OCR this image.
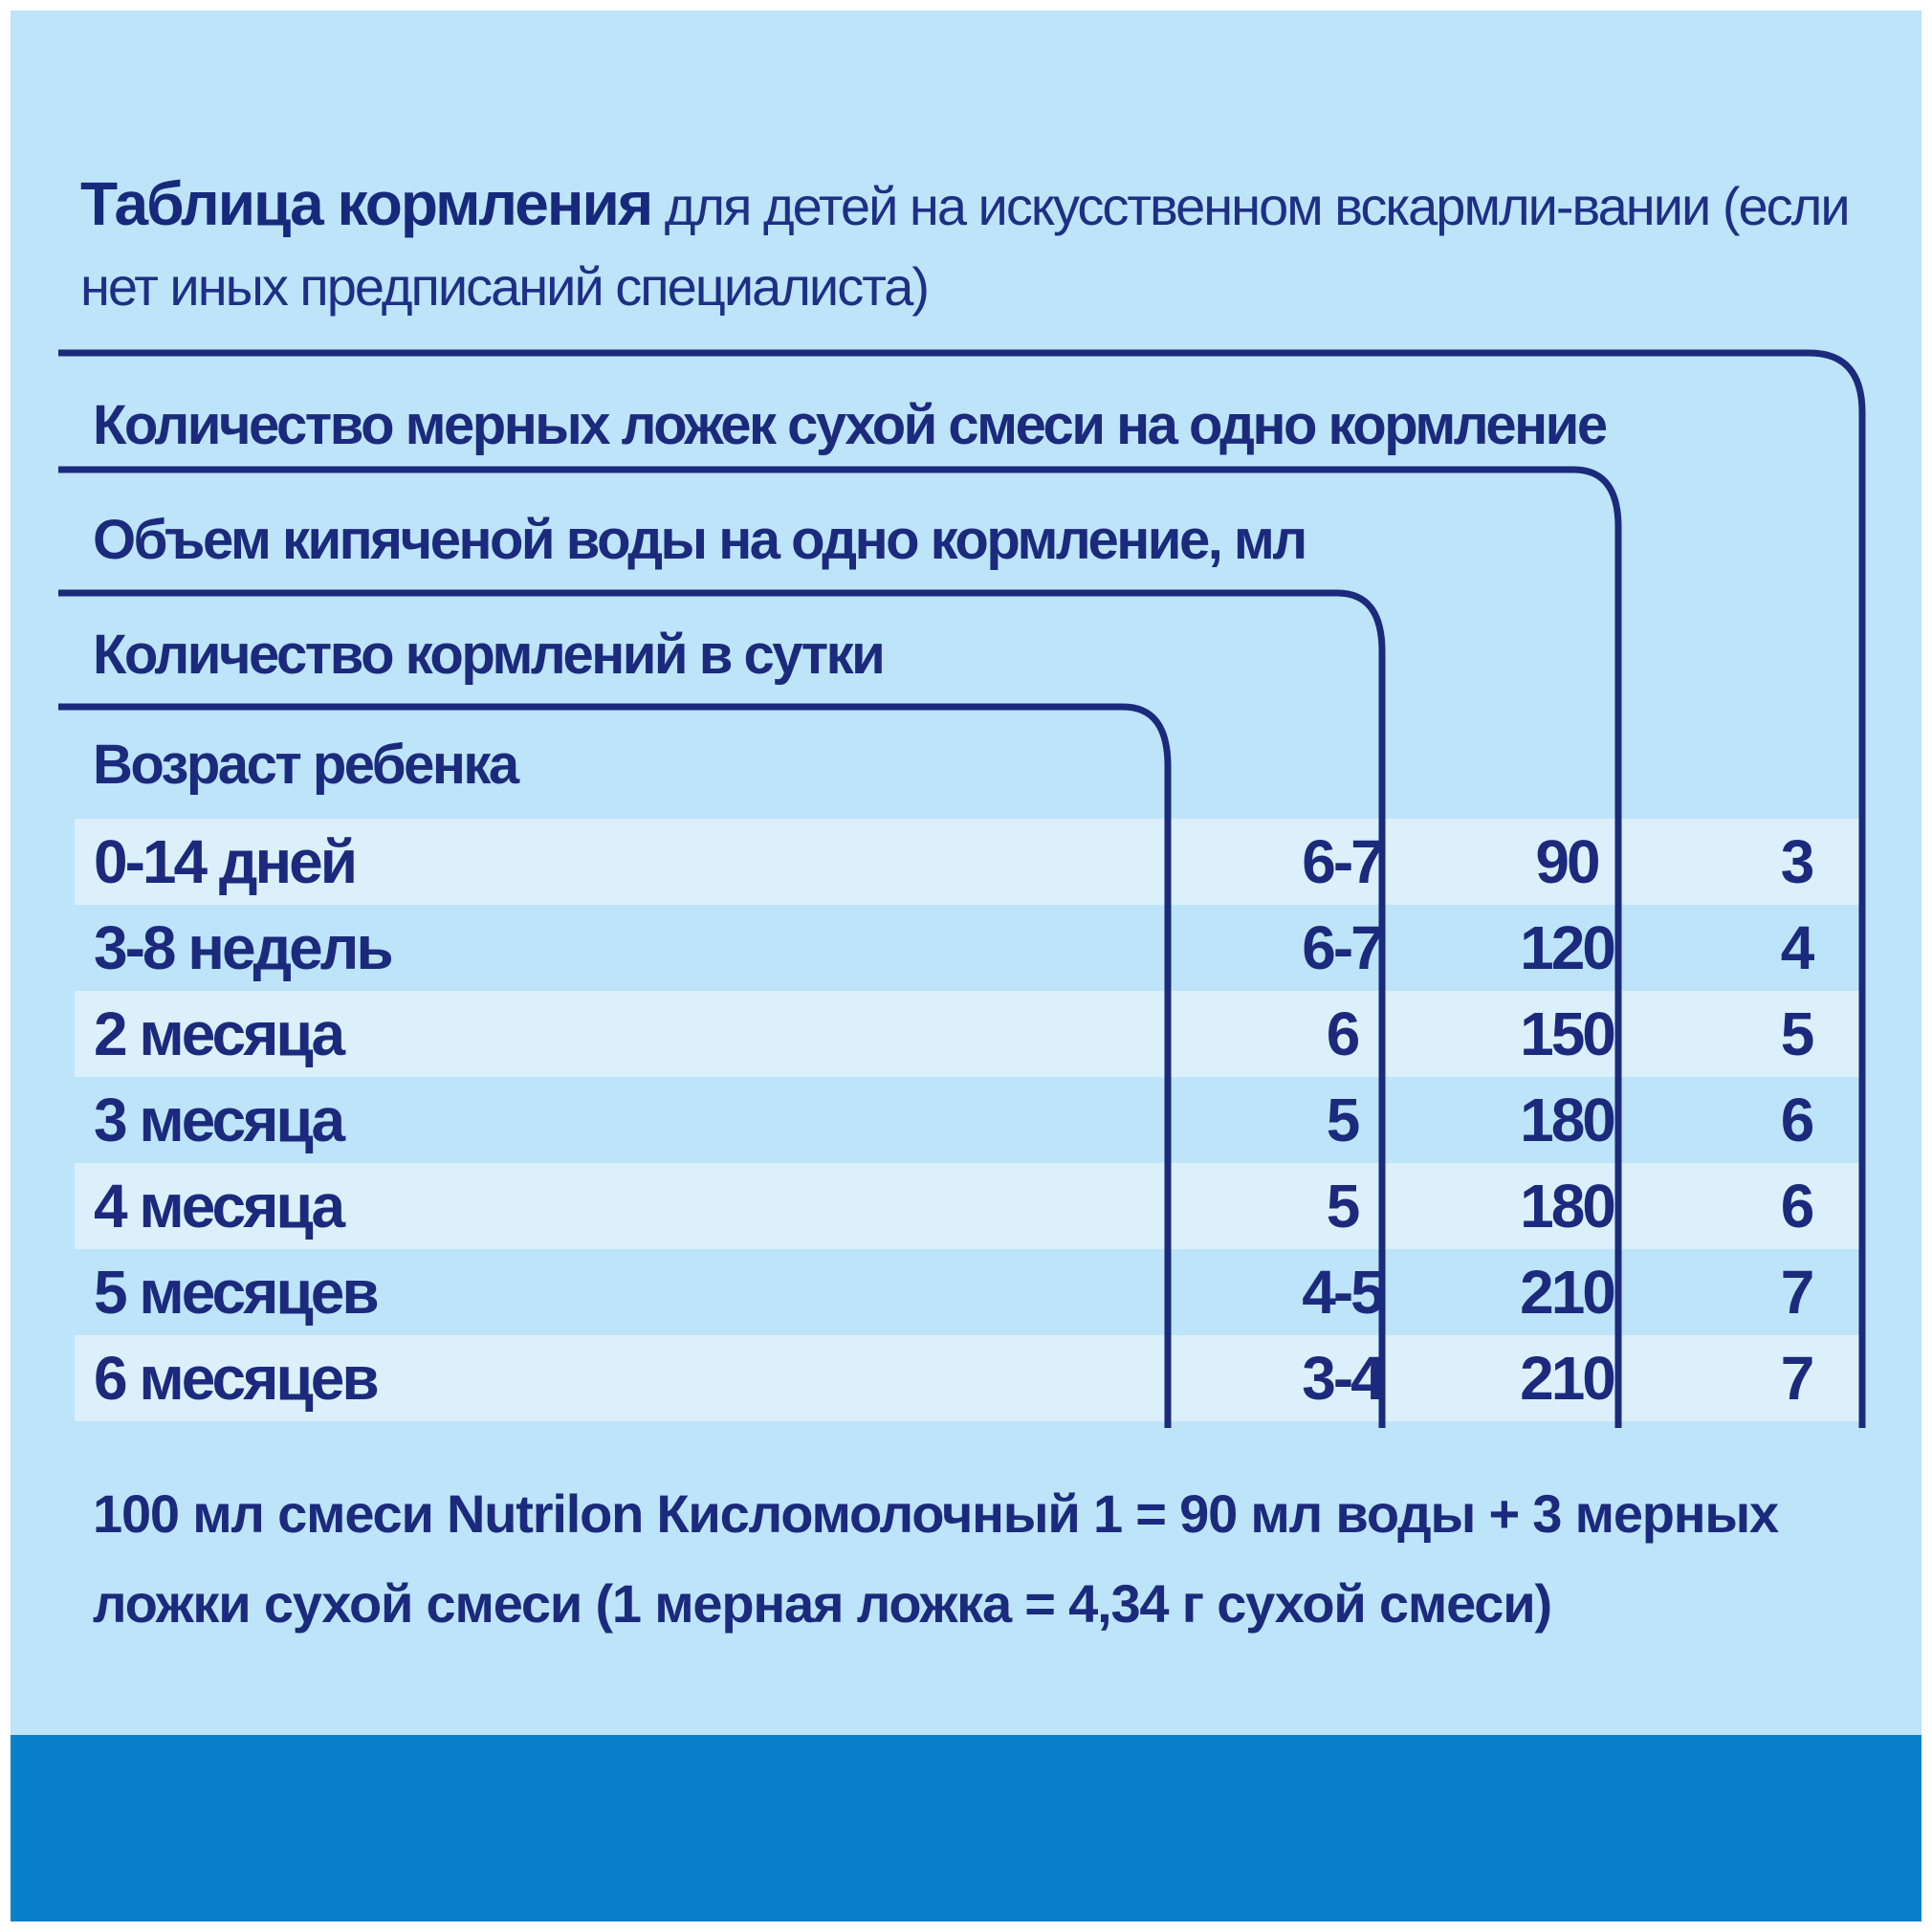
Таблица кормления для детей на искусственном вскармли-вании (если нет иных предписаний специалиста)
0-14 дней	6-7	90	3
3-8 недель	6-7	120	4
2 месяца	6	150	5
3 месяца	5	180	6
4 месяца	5	180	6
5 месяцев	4-5	210	7
6 месяцев	3-4	210	7
Количество мерных ложек сухой смеси на одно кормление
Объем кипяченой воды на одно кормление, мл
Количество кормлений в сутки
Возраст ребенка
100 мл смеси Nutrilon Кисломолочный 1 = 90 мл воды + 3 мерных ложки сухой смеси (1 мерная ложка = 4,34 г сухой смеси)
